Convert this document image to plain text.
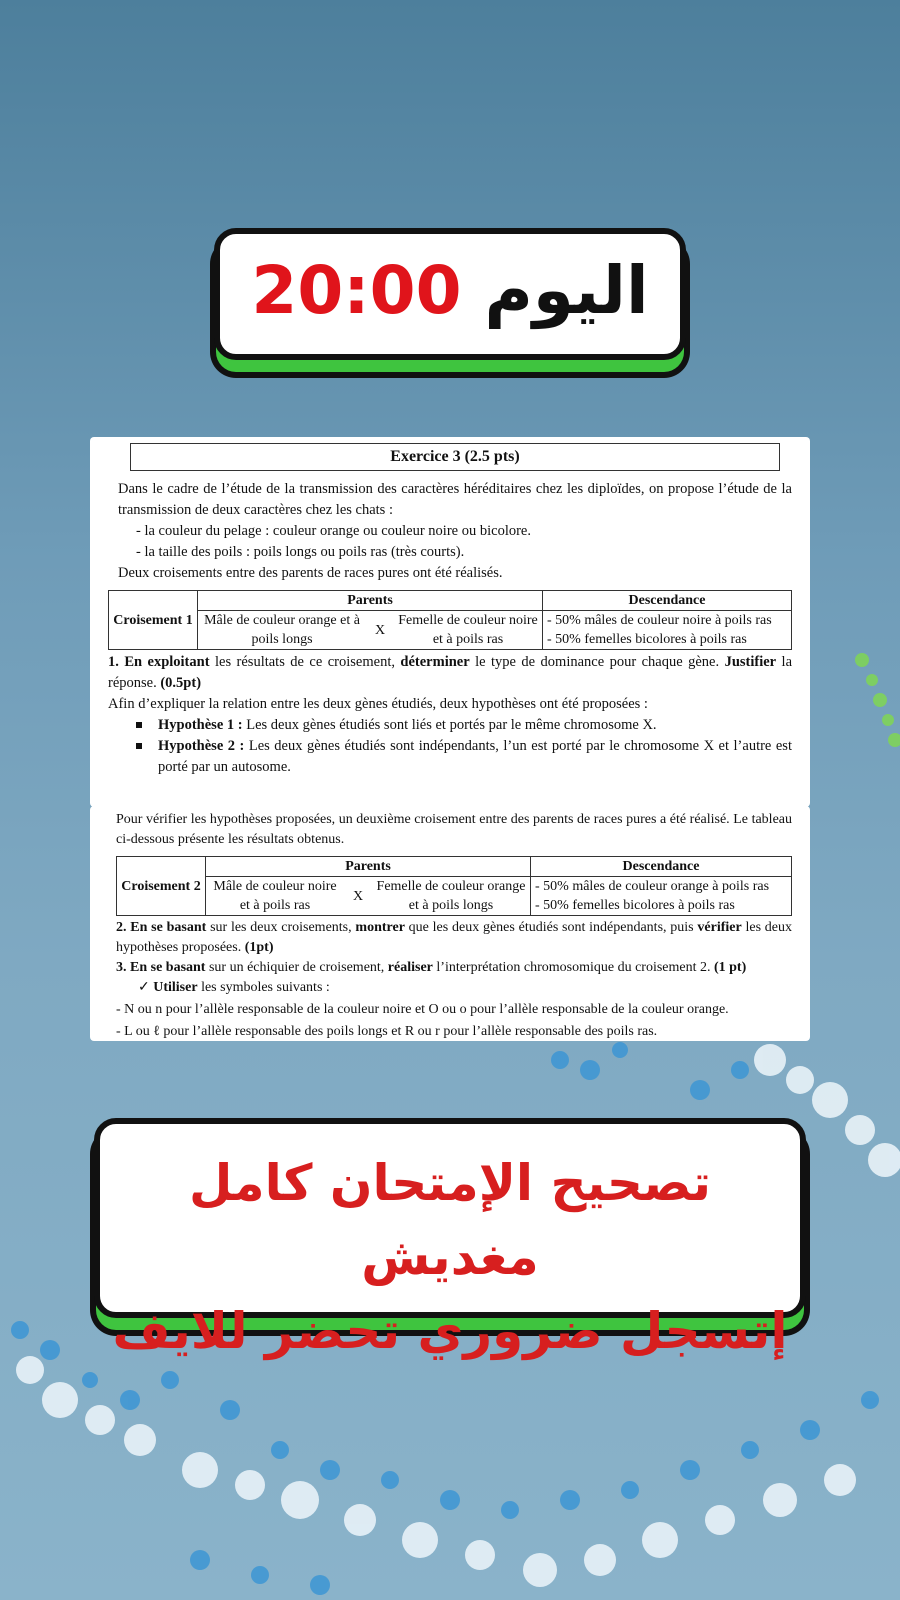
اليوم 20:00
Exercice 3 (2.5 pts)

Dans le cadre de l’étude de la transmission des caractères héréditaires chez les diploïdes, on propose l’étude de la transmission de deux caractères chez les chats :

- la couleur du pelage : couleur orange ou couleur noire ou bicolore.
- la taille des poils : poils longs ou poils ras (très courts).

Deux croisements entre des parents de races pures ont été réalisés.

Croisement 1	Parents			Descendance
	Mâle de couleur orange et à poils longs	X	Femelle de couleur noire et à poils ras	- 50% mâles de couleur noire à poils ras
- 50% femelles bicolores à poils ras

1. En exploitant les résultats de ce croisement, déterminer le type de dominance pour chaque gène. Justifier la réponse. (0.5pt)

Afin d’expliquer la relation entre les deux gènes étudiés, deux hypothèses ont été proposées :

Hypothèse 1 : Les deux gènes étudiés sont liés et portés par le même chromosome X.
Hypothèse 2 : Les deux gènes étudiés sont indépendants, l’un est porté par le chromosome X et l’autre est porté par un autosome.

Pour vérifier les hypothèses proposées, un deuxième croisement entre des parents de races pures a été réalisé. Le tableau ci-dessous présente les résultats obtenus.

Croisement 2	Parents			Descendance
	Mâle de couleur noire et à poils ras	X	Femelle de couleur orange et à poils longs	- 50% mâles de couleur orange à poils ras
- 50% femelles bicolores à poils ras

2. En se basant sur les deux croisements, montrer que les deux gènes étudiés sont indépendants, puis vérifier les deux hypothèses proposées. (1pt)

3. En se basant sur un échiquier de croisement, réaliser l’interprétation chromosomique du croisement 2. (1 pt)

✓ Utiliser les symboles suivants :

- N ou n pour l’allèle responsable de la couleur noire et O ou o pour l’allèle responsable de la couleur orange.

- L ou ℓ pour l’allèle responsable des poils longs et R ou r pour l’allèle responsable des poils ras.

تصحيح الإمتحان كامل مغديش
إتسجل ضروري تحضر للايف
